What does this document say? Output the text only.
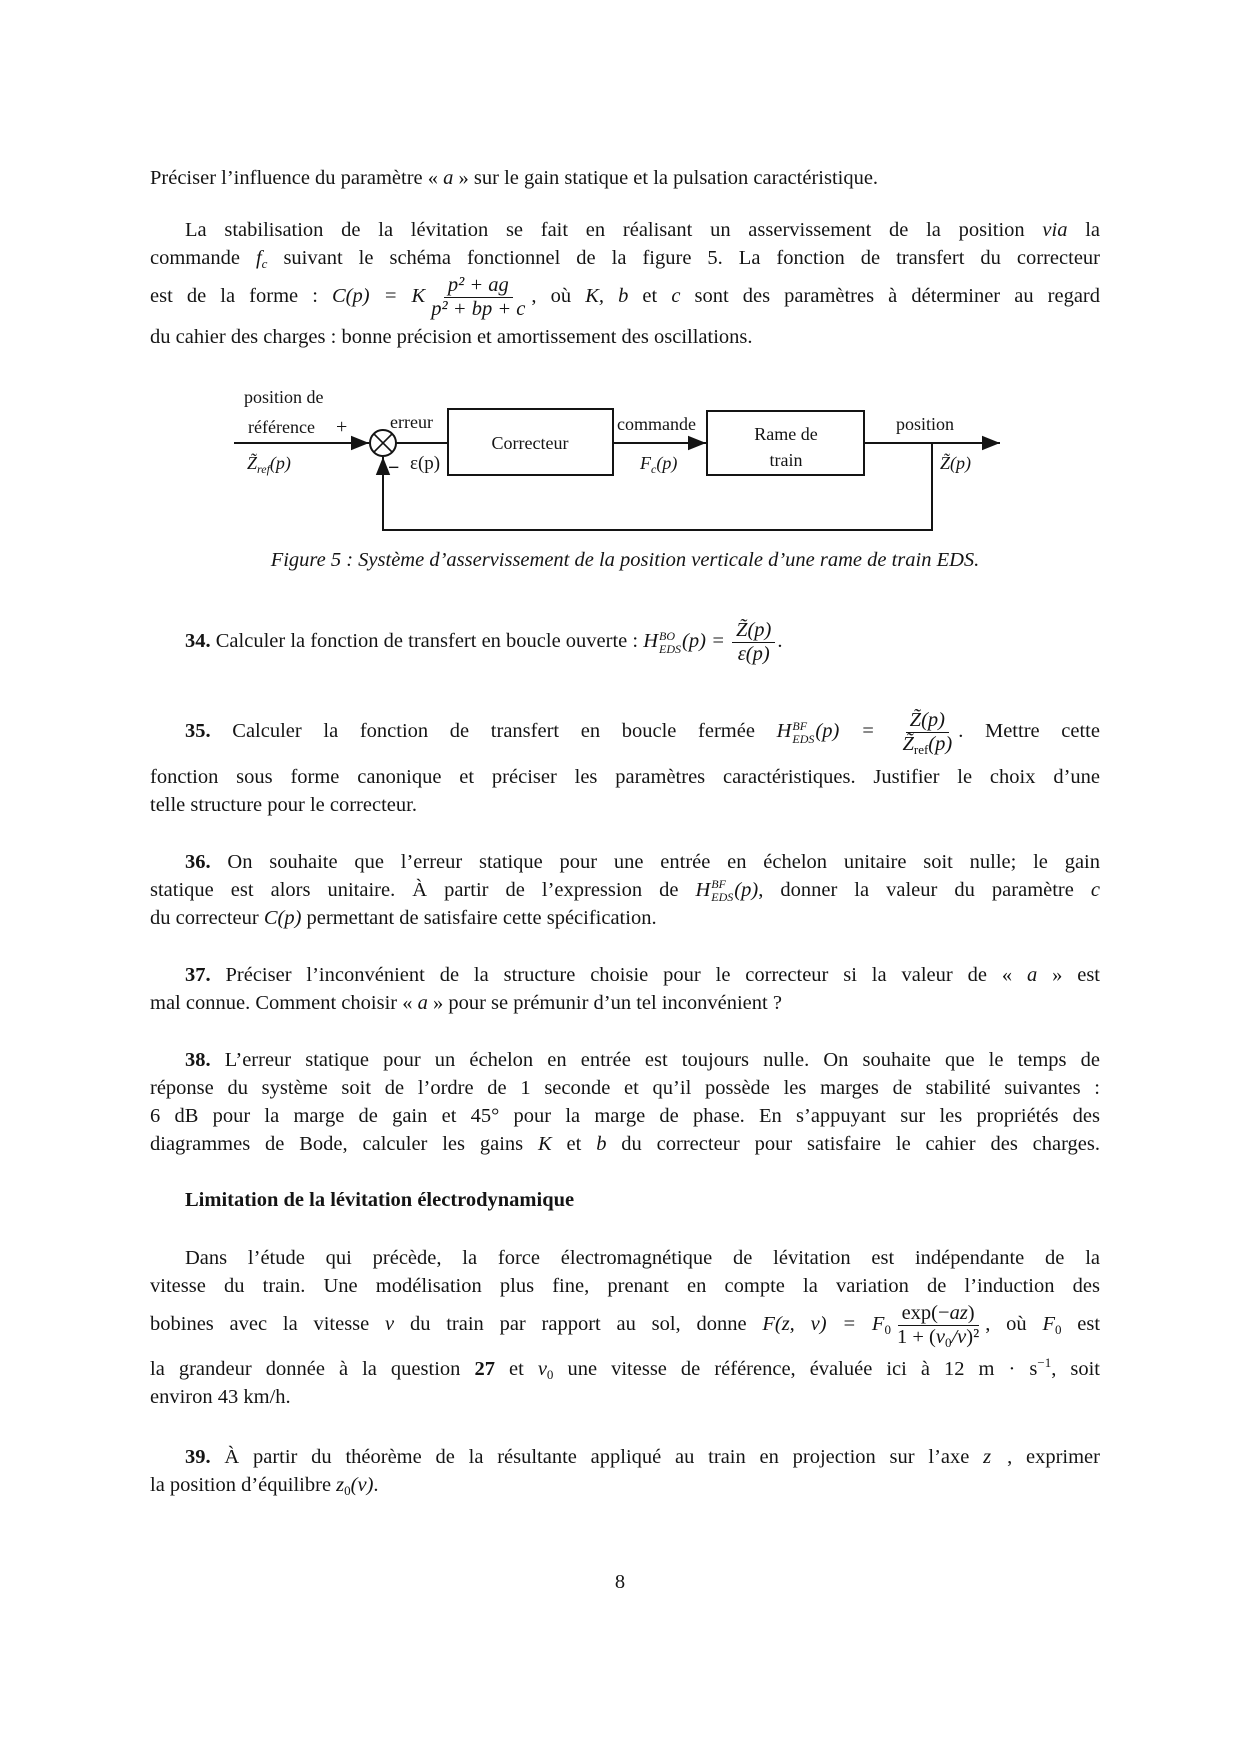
Préciser l’influence du paramètre « a » sur le gain statique et la pulsation caractéristique.
La stabilisation de la lévitation se fait en réalisant un asservissement de la position via la
commande $f_c$ suivant le schéma fonctionnel de la figure 5. La fonction de transfert du correcteur
est de la forme : C(p) = K $\frac{\text{p² + ag}}{\text{p² + bp + c}}$ , où K, b et c sont des paramètres à déterminer au regard
du cahier des charges : bonne précision et amortissement des oscillations.
position de
référence +
$Z̃_{ref}(p)$
erreur
− ε(p)
Correcteur
commande
$F_c(p)$
Rame de
train
position
Z̃(p)
Figure 5 : Système d’asservissement de la position verticale d’une rame de train EDS.
34. Calculer la fonction de transfert en boucle ouverte : H BO
EDS $(p) = \frac{Z̃(p)}{\varepsilon(p)}$ .
35. Calculer la fonction de transfert en boucle fermée H BF
EDS $(p) = \frac{Z̃(p)}{Z̃_{ref}(p)}$ . Mettre cette
fonction sous forme canonique et préciser les paramètres caractéristiques. Justifier le choix d’une
telle structure pour le correcteur.
36. On souhaite que l’erreur statique pour une entrée en échelon unitaire soit nulle; le gain
statique est alors unitaire. À partir de l’expression de H BF
EDS (p), donner la valeur du paramètre c
du correcteur C(p) permettant de satisfaire cette spécification.
37. Préciser l’inconvénient de la structure choisie pour le correcteur si la valeur de « a » est
mal connue. Comment choisir « a » pour se prémunir d’un tel inconvénient ?
38. L’erreur statique pour un échelon en entrée est toujours nulle. On souhaite que le temps de
réponse du système soit de l’ordre de 1 seconde et qu’il possède les marges de stabilité suivantes :
6 dB pour la marge de gain et 45° pour la marge de phase. En s’appuyant sur les propriétés des
diagrammes de Bode, calculer les gains K et b du correcteur pour satisfaire le cahier des charges.
Limitation de la lévitation électrodynamique
Dans l’étude qui précède, la force électromagnétique de lévitation est indépendante de la
vitesse du train. Une modélisation plus fine, prenant en compte la variation de l’induction des
bobines avec la vitesse v du train par rapport au sol, donne F(z, $v) = F_0 \frac{\exp(-az)}{1 + (v_0/v)^2}$ , où $F_0$ est
la grandeur donnée à la question 27 et $v_0$ une vitesse de référence, évaluée ici à 12 $m \cdot s^{-1}$, soit
environ 43 km/h.
39. À partir du théorème de la résultante appliqué au train en projection sur l’axe z⃗, exprimer
la position d’équilibre $z_0(v)$.
8
